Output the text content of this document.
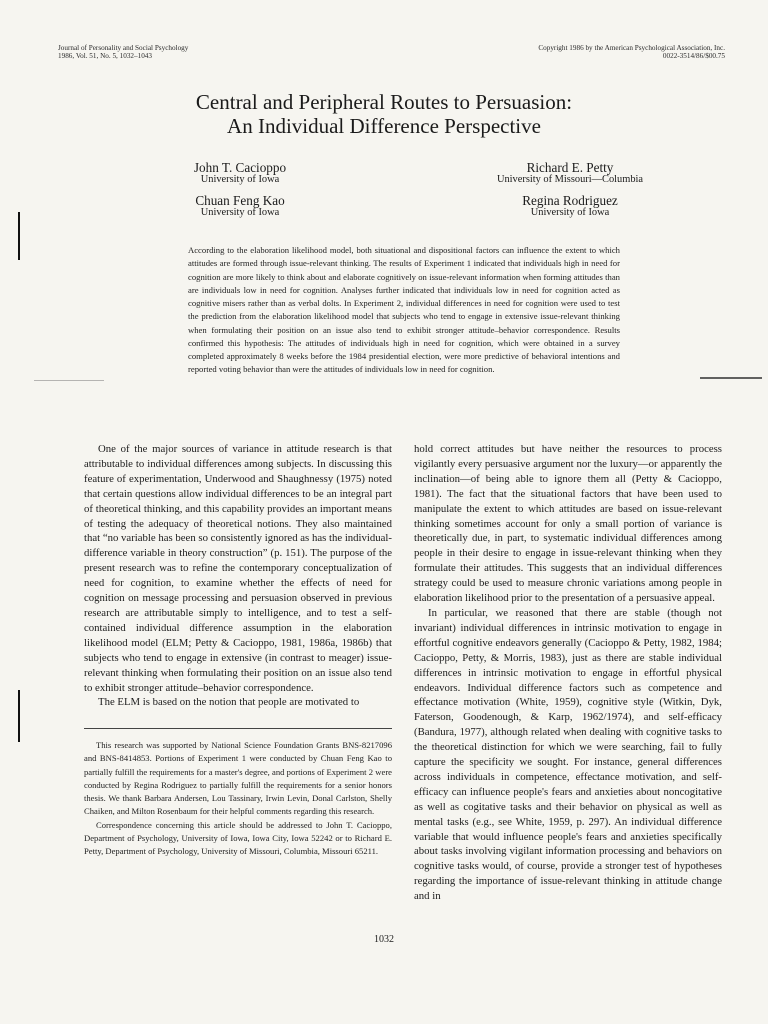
Journal of Personality and Social Psychology
1986, Vol. 51, No. 5, 1032–1043
Copyright 1986 by the American Psychological Association, Inc.
0022-3514/86/$00.75
Central and Peripheral Routes to Persuasion:
An Individual Difference Perspective
John T. Cacioppo
University of Iowa
Richard E. Petty
University of Missouri—Columbia
Chuan Feng Kao
University of Iowa
Regina Rodriguez
University of Iowa
According to the elaboration likelihood model, both situational and dispositional factors can influence the extent to which attitudes are formed through issue-relevant thinking. The results of Experiment 1 indicated that individuals high in need for cognition are more likely to think about and elaborate cognitively on issue-relevant information when forming attitudes than are individuals low in need for cognition. Analyses further indicated that individuals low in need for cognition acted as cognitive misers rather than as verbal dolts. In Experiment 2, individual differences in need for cognition were used to test the prediction from the elaboration likelihood model that subjects who tend to engage in extensive issue-relevant thinking when formulating their position on an issue also tend to exhibit stronger attitude–behavior correspondence. Results confirmed this hypothesis: The attitudes of individuals high in need for cognition, which were obtained in a survey completed approximately 8 weeks before the 1984 presidential election, were more predictive of behavioral intentions and reported voting behavior than were the attitudes of individuals low in need for cognition.

One of the major sources of variance in attitude research is that attributable to individual differences among subjects. In discussing this feature of experimentation, Underwood and Shaughnessy (1975) noted that certain questions allow individual differences to be an integral part of theoretical thinking, and this capability provides an important means of testing the adequacy of theoretical notions. They also maintained that “no variable has been so consistently ignored as has the individual-difference variable in theory construction” (p. 151). The purpose of the present research was to refine the contemporary conceptualization of need for cognition, to examine whether the effects of need for cognition on message processing and persuasion observed in previous research are attributable simply to intelligence, and to test a self-contained individual difference assumption in the elaboration likelihood model (ELM; Petty & Cacioppo, 1981, 1986a, 1986b) that subjects who tend to engage in extensive (in contrast to meager) issue-relevant thinking when formulating their position on an issue also tend to exhibit stronger attitude–behavior correspondence.

The ELM is based on the notion that people are motivated to

This research was supported by National Science Foundation Grants BNS-8217096 and BNS-8414853. Portions of Experiment 1 were conducted by Chuan Feng Kao to partially fulfill the requirements for a master's degree, and portions of Experiment 2 were conducted by Regina Rodriguez to partially fulfill the requirements for a senior honors thesis. We thank Barbara Andersen, Lou Tassinary, Irwin Levin, Donal Carlston, Shelly Chaiken, and Milton Rosenbaum for their helpful comments regarding this research.

Correspondence concerning this article should be addressed to John T. Cacioppo, Department of Psychology, University of Iowa, Iowa City, Iowa 52242 or to Richard E. Petty, Department of Psychology, University of Missouri, Columbia, Missouri 65211.

hold correct attitudes but have neither the resources to process vigilantly every persuasive argument nor the luxury—or apparently the inclination—of being able to ignore them all (Petty & Cacioppo, 1981). The fact that the situational factors that have been used to manipulate the extent to which attitudes are based on issue-relevant thinking sometimes account for only a small portion of variance is theoretically due, in part, to systematic individual differences among people in their desire to engage in issue-relevant thinking when they formulate their attitudes. This suggests that an individual differences strategy could be used to measure chronic variations among people in elaboration likelihood prior to the presentation of a persuasive appeal.

In particular, we reasoned that there are stable (though not invariant) individual differences in intrinsic motivation to engage in effortful cognitive endeavors generally (Cacioppo & Petty, 1982, 1984; Cacioppo, Petty, & Morris, 1983), just as there are stable individual differences in intrinsic motivation to engage in effortful physical endeavors. Individual difference factors such as competence and effectance motivation (White, 1959), cognitive style (Witkin, Dyk, Faterson, Goodenough, & Karp, 1962/1974), and self-efficacy (Bandura, 1977), although related when dealing with cognitive tasks to the theoretical distinction for which we were searching, fail to fully capture the specificity we sought. For instance, general differences across individuals in competence, effectance motivation, and self-efficacy can influence people's fears and anxieties about noncogitative as well as cogitative tasks and their behavior on physical as well as mental tasks (e.g., see White, 1959, p. 297). An individual difference variable that would influence people's fears and anxieties specifically about tasks involving vigilant information processing and behaviors on cognitive tasks would, of course, provide a stronger test of hypotheses regarding the importance of issue-relevant thinking in attitude change and in

1032
